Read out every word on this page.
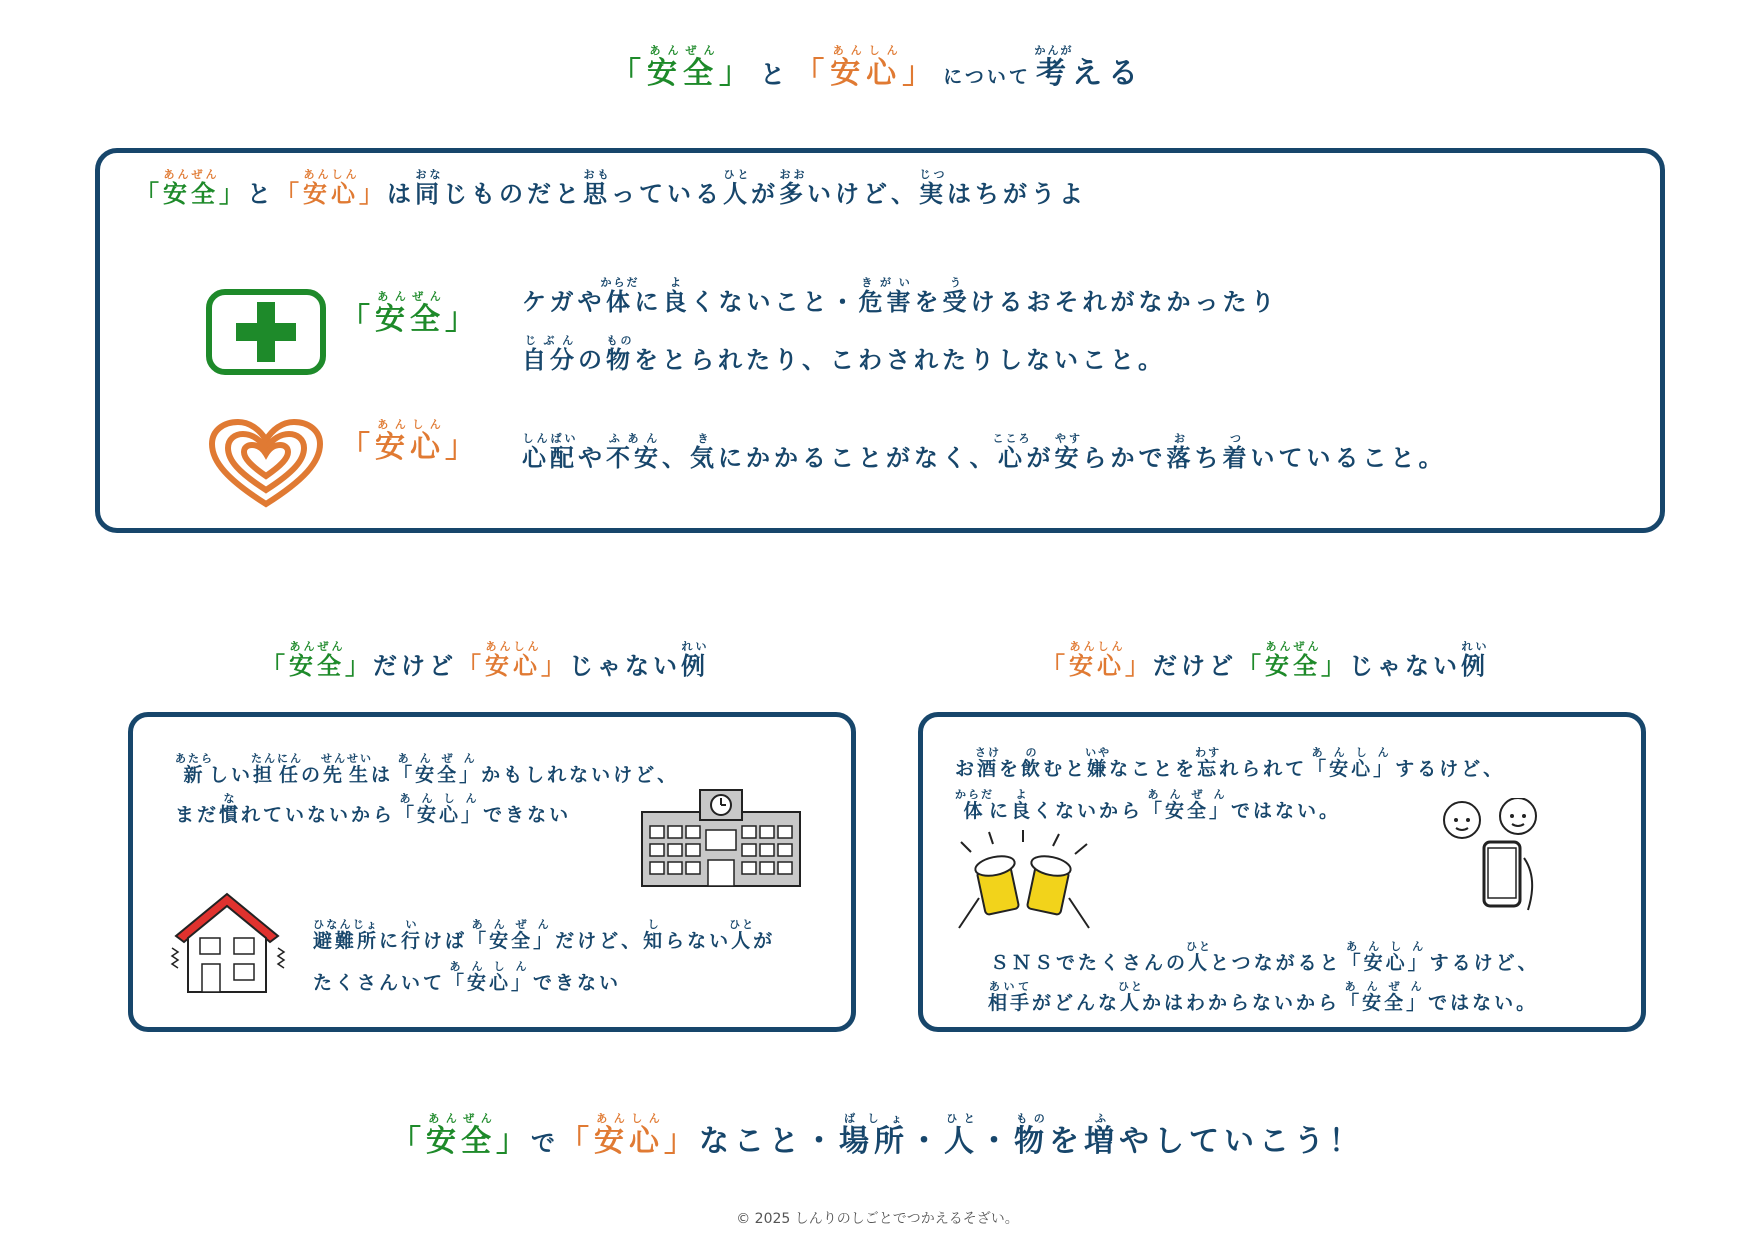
「安全あんぜん」 と 「安心あんしん」 について 考かんがえる
「安全あんぜん」と「安心あんしん」は同おなじものだと思おもっている人ひとが多おおいけど、実じつはちがうよ
「安全あんぜん」 ケガや体からだに良よくないこと・危害きがいを受うけるおそれがなかったり
自分じぶんの物ものをとられたり、こわされたりしないこと。
「安心あんしん」 心配しんぱいや不安ふあん、気きにかかることがなく、心こころが安やすらかで落おち着ついていること。
「安全あんぜん」だけど「安心あんしん」じゃない例れい
新あたらしい担任たんにんの先生せんせいは「安全」あんぜんかもしれないけど、
まだ慣なれていないから「安心」あんしんできない
避難所ひなんじょに行いけば「安全」あんぜんだけど、知しらない人ひとが
たくさんいて「安心」あんしんできない
「安心あんしん」だけど「安全あんぜん」じゃない例れい
お酒さけを飲のむと嫌いやなことを忘わすれられて「安心」あんしんするけど、
体からだに良よくないから「安全」あんぜんではない。
ＳＮＳでたくさんの人ひととつながると「安心」あんしんするけど、
相手あいてがどんな人ひとかはわからないから「安全」あんぜんではない。
「安全あんぜん」で「安心あんしん」なこと・場所ばしょ・人ひと・物ものを増ふやしていこう！
© 2025 しんりのしごとでつかえるそざい。
